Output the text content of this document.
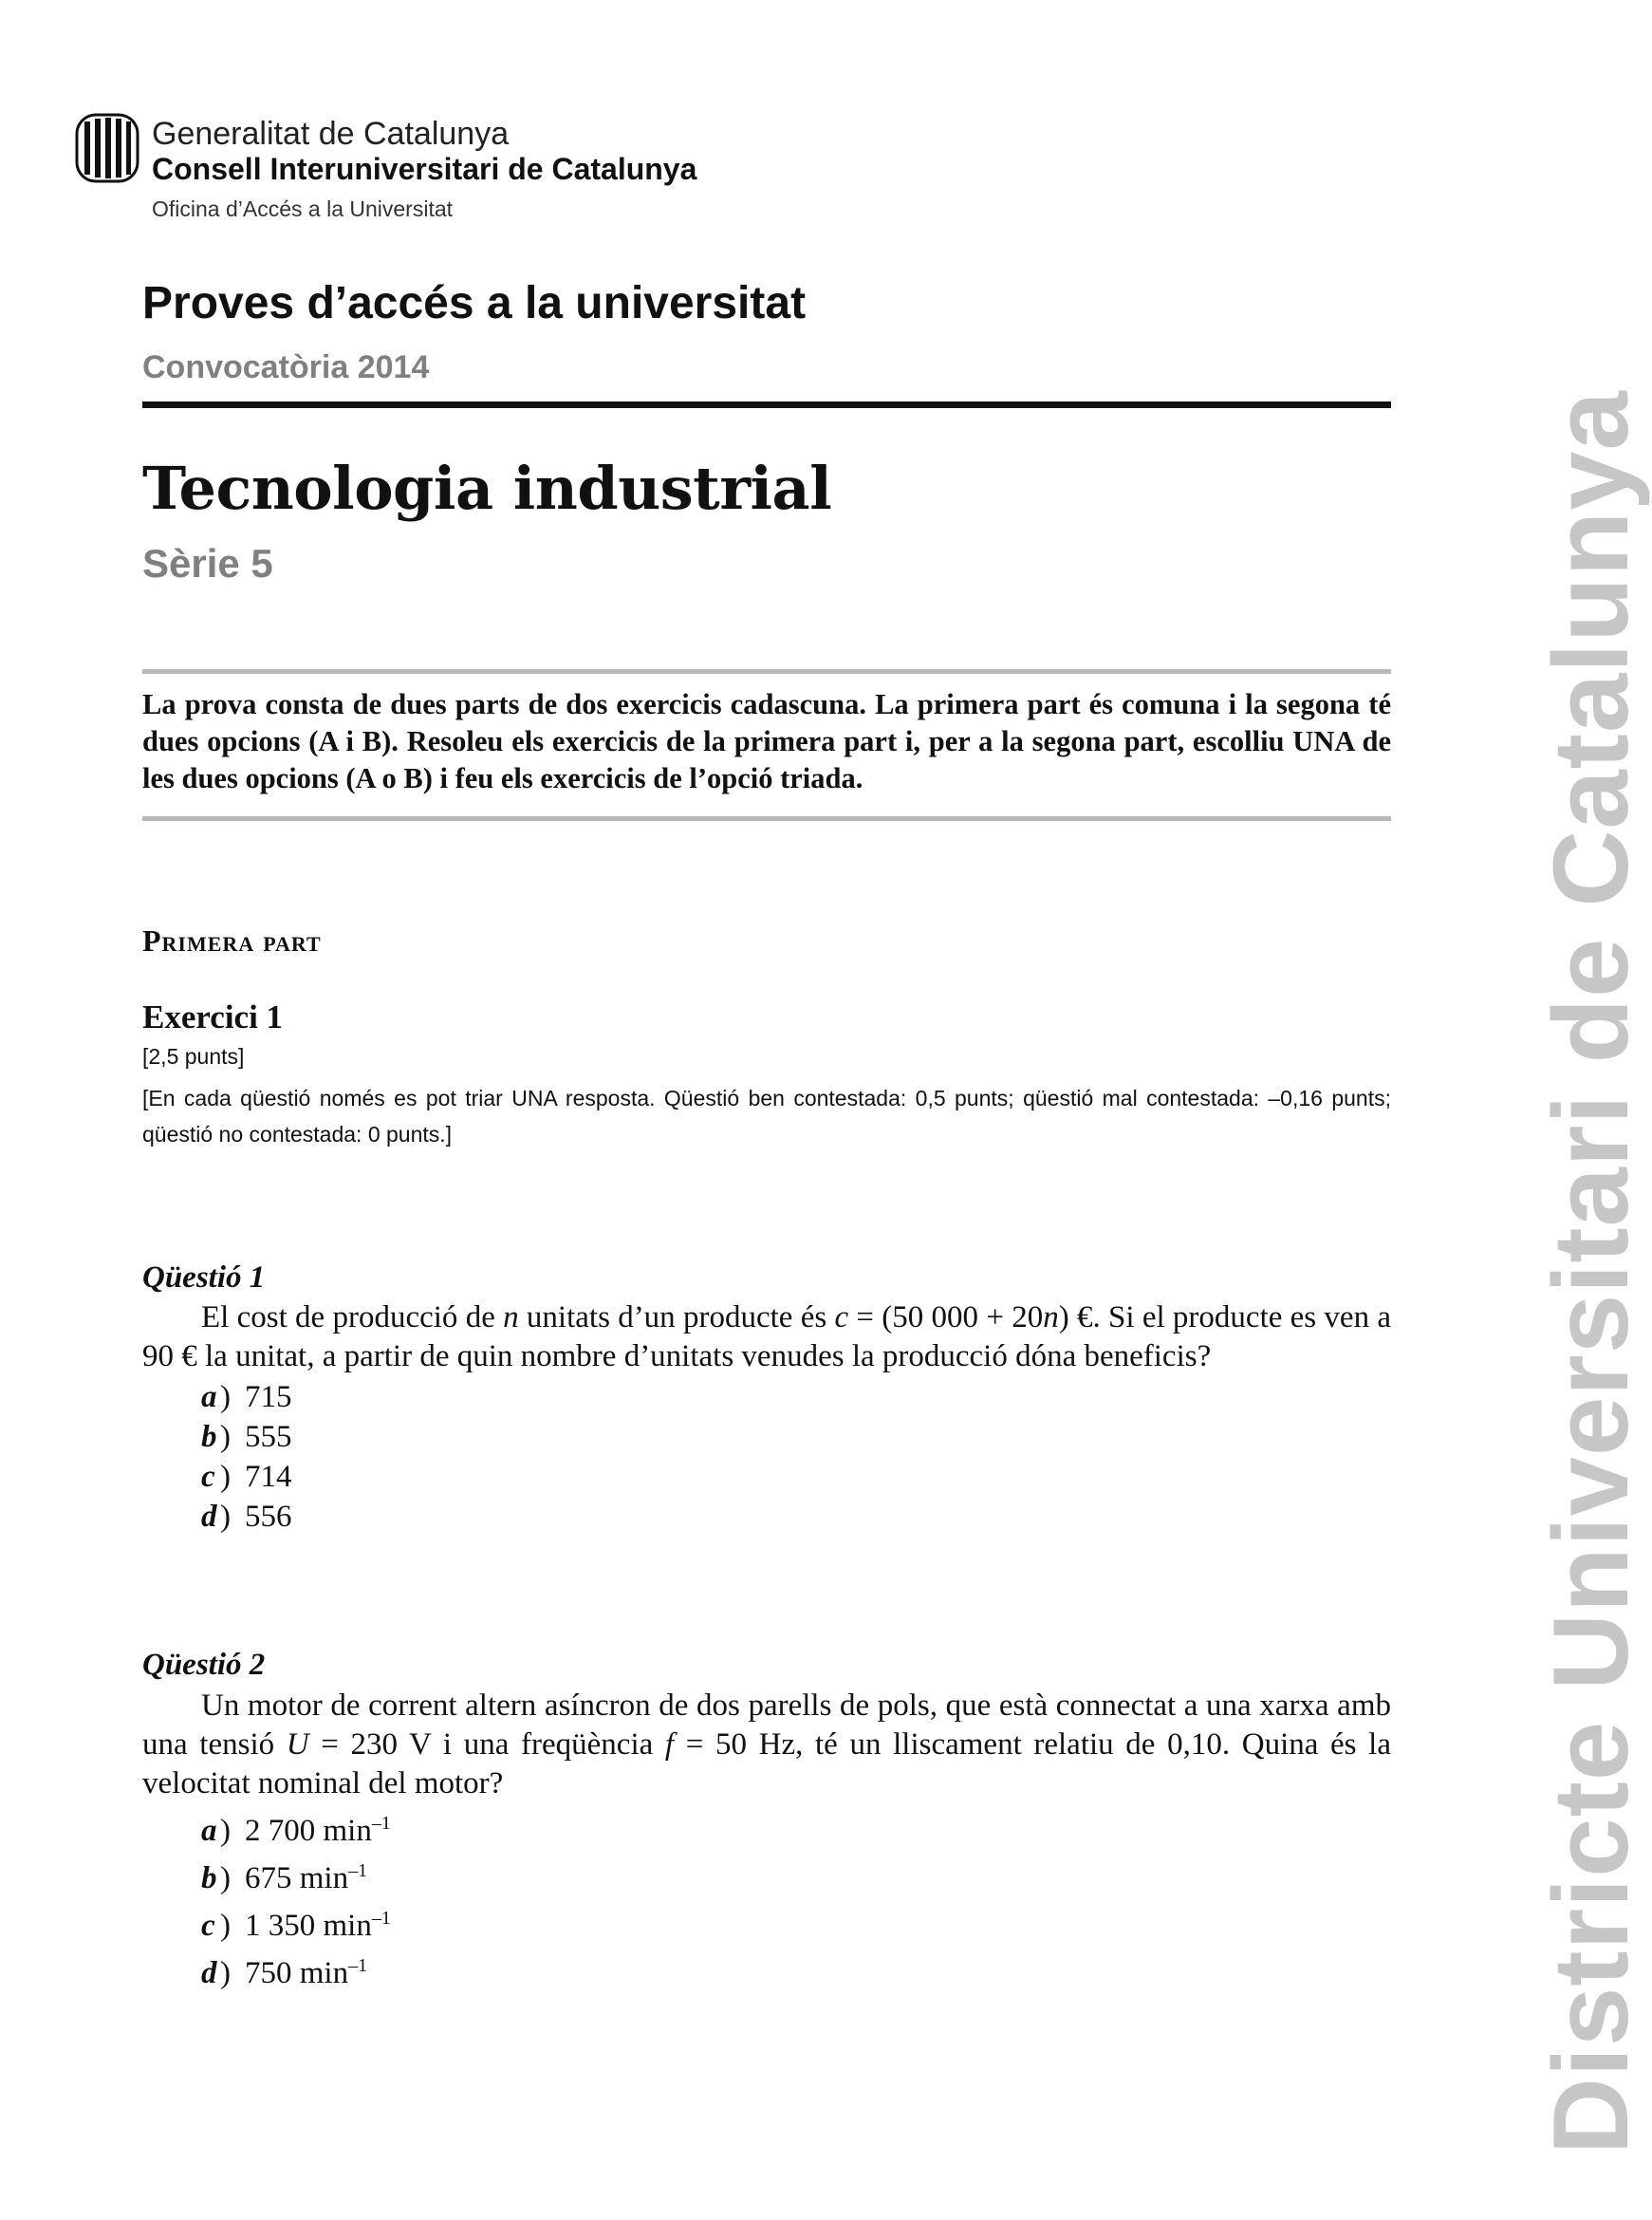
Generalitat de Catalunya
Consell Interuniversitari de Catalunya
Oficina d’Accés a la Universitat
Proves d’accés a la universitat
Convocatòria 2014
Tecnologia industrial
Sèrie 5
La prova consta de dues parts de dos exercicis cadascuna. La primera part és comuna i la segona té dues opcions (A i B). Resoleu els exercicis de la primera part i, per a la segona part, escolliu UNA de les dues opcions (A o B) i feu els exercicis de l’opció triada.
Primera part
Exercici 1
[2,5 punts]
[En cada qüestió només es pot triar UNA resposta. Qüestió ben contestada: 0,5 punts; qüestió mal contestada: –0,16 punts; qüestió no contestada: 0 punts.]
Qüestió 1
El cost de producció de n unitats d’un producte és c = (50 000 + 20n) €. Si el producte es ven a 90 € la unitat, a partir de quin nombre d’unitats venudes la producció dóna beneficis?
a ) 715
b ) 555
c ) 714
d ) 556
Qüestió 2
Un motor de corrent altern asíncron de dos parells de pols, que està connectat a una xarxa amb una tensió U = 230 V i una freqüència f = 50 Hz, té un lliscament relatiu de 0,10. Quina és la velocitat nominal del motor?
a ) 2 700 $\min^{-1}$
b ) 675 $\min^{-1}$
c ) 1 350 $\min^{-1}$
d ) 750 $\min^{-1}$	Districte Universitari de Catalunya
